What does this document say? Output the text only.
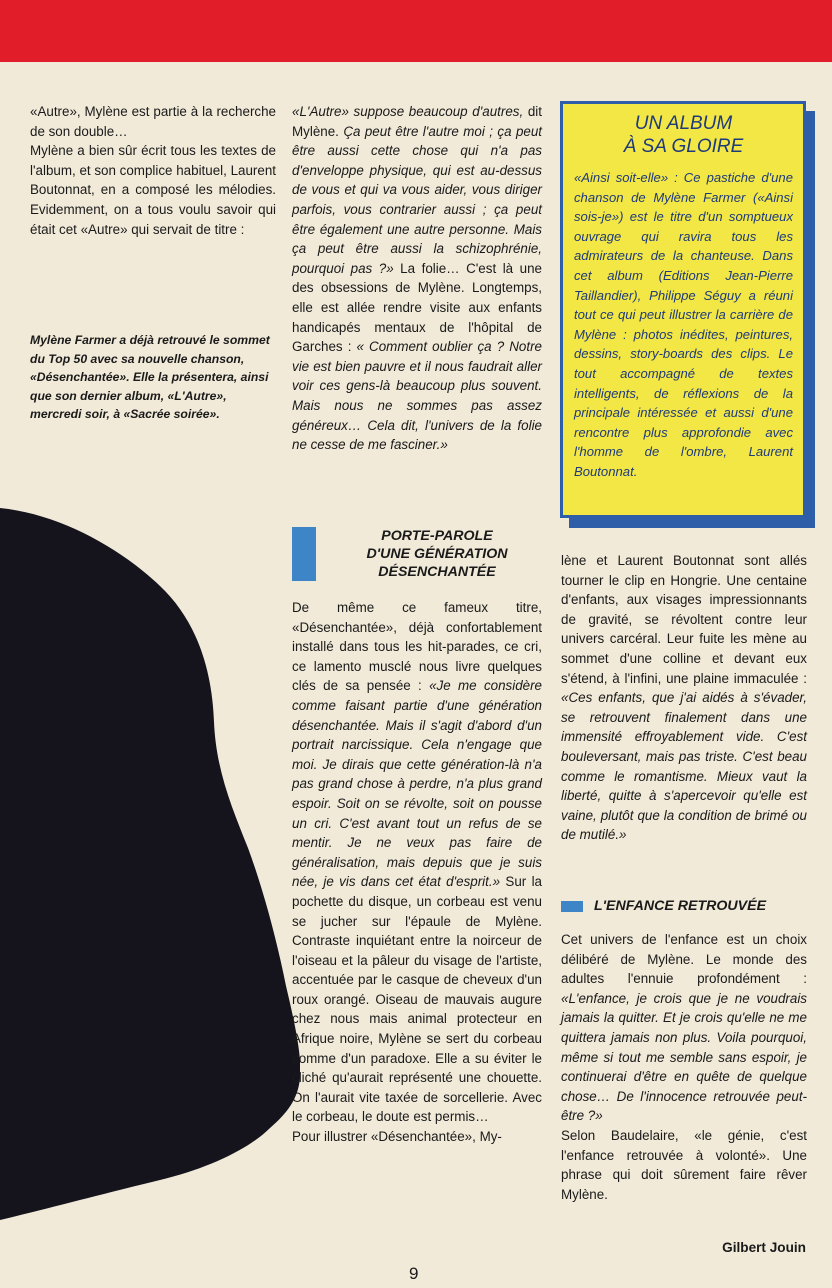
«Autre», Mylène est partie à la recherche de son double…

Mylène a bien sûr écrit tous les textes de l'album, et son complice habituel, Laurent Boutonnat, en a composé les mélodies. Evidemment, on a tous voulu savoir qui était cet «Autre» qui servait de titre :

Mylène Farmer a déjà retrouvé le sommet du Top 50 avec sa nouvelle chanson, «Désenchantée». Elle la présentera, ainsi que son dernier album, «L'Autre», mercredi soir, à «Sacrée soirée».

«L'Autre» suppose beaucoup d'autres, dit Mylène. Ça peut être l'autre moi ; ça peut être aussi cette chose qui n'a pas d'enveloppe physique, qui est au-dessus de vous et qui va vous aider, vous diriger parfois, vous contrarier aussi ; ça peut être également une autre personne. Mais ça peut être aussi la schizophrénie, pourquoi pas ?» La folie… C'est là une des obsessions de Mylène. Longtemps, elle est allée rendre visite aux enfants handicapés mentaux de l'hôpital de Garches : « Comment oublier ça ? Notre vie est bien pauvre et il nous faudrait aller voir ces gens-là beaucoup plus souvent. Mais nous ne sommes pas assez généreux… Cela dit, l'univers de la folie ne cesse de me fasciner.»

PORTE-PAROLE
D'UNE GÉNÉRATION
DÉSENCHANTÉE

De même ce fameux titre, «Désenchantée», déjà confortablement installé dans tous les hit-parades, ce cri, ce lamento musclé nous livre quelques clés de sa pensée : «Je me considère comme faisant partie d'une génération désenchantée. Mais il s'agit d'abord d'un portrait narcissique. Cela n'engage que moi. Je dirais que cette génération-là n'a pas grand chose à perdre, n'a plus grand espoir. Soit on se révolte, soit on pousse un cri. C'est avant tout un refus de se mentir. Je ne veux pas faire de généralisation, mais depuis que je suis née, je vis dans cet état d'esprit.» Sur la pochette du disque, un corbeau est venu se jucher sur l'épaule de Mylène. Contraste inquiétant entre la noirceur de l'oiseau et la pâleur du visage de l'artiste, accentuée par le casque de cheveux d'un roux orangé. Oiseau de mauvais augure chez nous mais animal protecteur en Afrique noire, Mylène se sert du corbeau comme d'un paradoxe. Elle a su éviter le cliché qu'aurait représenté une chouette. On l'aurait vite taxée de sorcellerie. Avec le corbeau, le doute est permis…

Pour illustrer «Désenchantée», My-

UN ALBUM
À SA GLOIRE
«Ainsi soit-elle» : Ce pastiche d'une chanson de Mylène Farmer («Ainsi sois-je») est le titre d'un somptueux ouvrage qui ravira tous les admirateurs de la chanteuse. Dans cet album (Editions Jean-Pierre Taillandier), Philippe Séguy a réuni tout ce qui peut illustrer la carrière de Mylène : photos inédites, peintures, dessins, story-boards des clips. Le tout accompagné de textes intelligents, de réflexions de la principale intéressée et aussi d'une rencontre plus approfondie avec l'homme de l'ombre, Laurent Boutonnat.

lène et Laurent Boutonnat sont allés tourner le clip en Hongrie. Une centaine d'enfants, aux visages impressionnants de gravité, se révoltent contre leur univers carcéral. Leur fuite les mène au sommet d'une colline et devant eux s'étend, à l'infini, une plaine immaculée : «Ces enfants, que j'ai aidés à s'évader, se retrouvent finalement dans une immensité effroyablement vide. C'est bouleversant, mais pas triste. C'est beau comme le romantisme. Mieux vaut la liberté, quitte à s'apercevoir qu'elle est vaine, plutôt que la condition de brimé ou de mutilé.»

L'ENFANCE RETROUVÉE

Cet univers de l'enfance est un choix délibéré de Mylène. Le monde des adultes l'ennuie profondément : «L'enfance, je crois que je ne voudrais jamais la quitter. Et je crois qu'elle ne me quittera jamais non plus. Voila pourquoi, même si tout me semble sans espoir, je continuerai d'être en quête de quelque chose… De l'innocence retrouvée peut-être ?»

Selon Baudelaire, «le génie, c'est l'enfance retrouvée à volonté». Une phrase qui doit sûrement faire rêver Mylène.

Gilbert Jouin
9
